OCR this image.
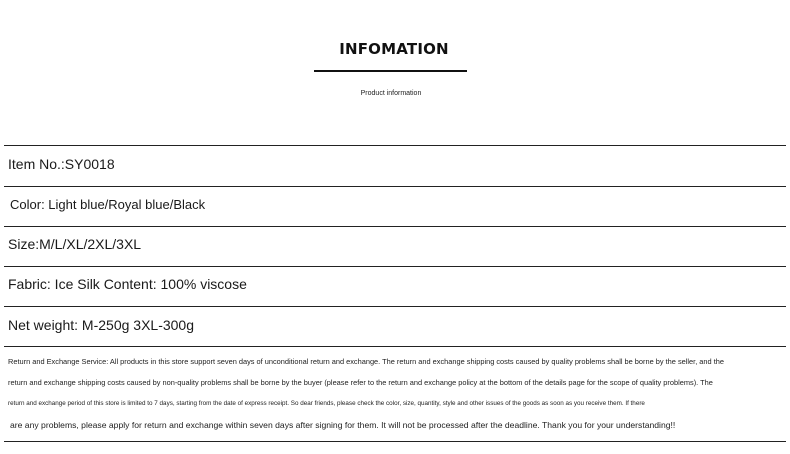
INFOMATION
Product information
Item No.:SY0018
Color: Light blue/Royal blue/Black
Size:M/L/XL/2XL/3XL
Fabric: Ice Silk Content: 100% viscose
Net weight: M-250g 3XL-300g
Return and Exchange Service: All products in this store support seven days of unconditional return and exchange. The return and exchange shipping costs caused by quality problems shall be borne by the seller, and the
return and exchange shipping costs caused by non-quality problems shall be borne by the buyer (please refer to the return and exchange policy at the bottom of the details page for the scope of quality problems). The
return and exchange period of this store is limited to 7 days, starting from the date of express receipt. So dear friends, please check the color, size, quantity, style and other issues of the goods as soon as you receive them. If there
are any problems, please apply for return and exchange within seven days after signing for them. It will not be processed after the deadline. Thank you for your understanding!!
